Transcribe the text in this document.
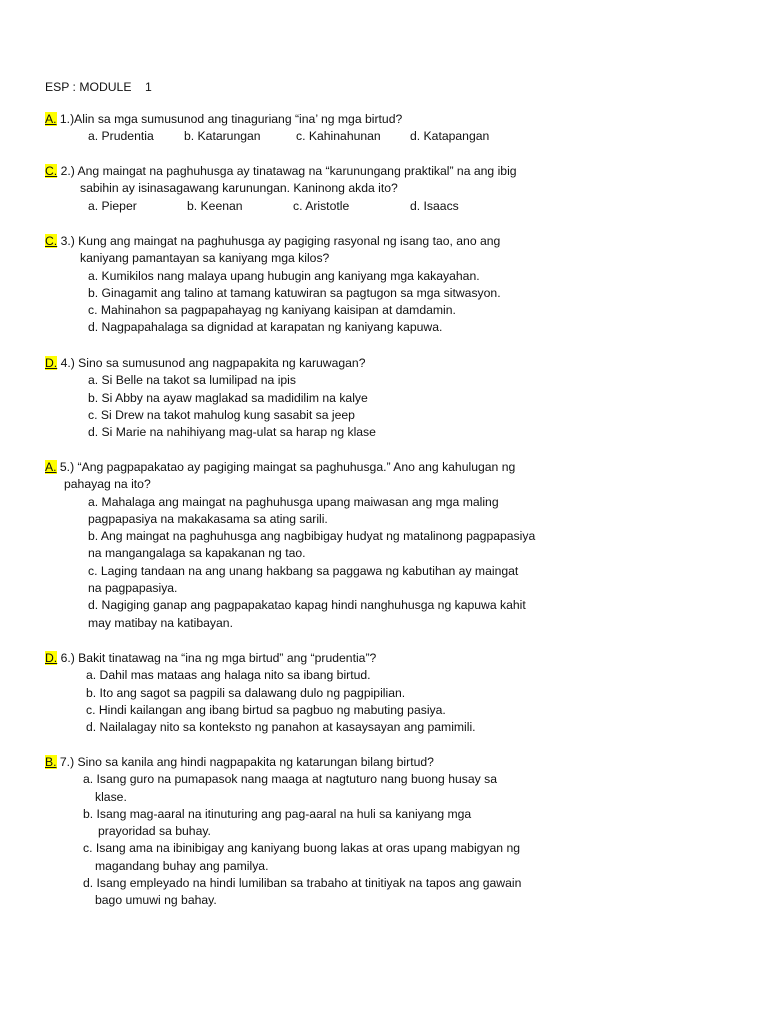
ESP : MODULE    1
A. 1.)Alin sa mga sumusunod ang tinaguriang “ina’ ng mga birtud?
a. Prudentia	b. Katarungan	c. Kahinahunan	d. Katapangan
C. 2.) Ang maingat na paghuhusga ay tinatawag na “karunungang praktikal” na ang ibig
sabihin ay isinasagawang karunungan. Kaninong akda ito?
a. Pieper	b. Keenan	c. Aristotle	d. Isaacs
C. 3.) Kung ang maingat na paghuhusga ay pagiging rasyonal ng isang tao, ano ang
kaniyang pamantayan sa kaniyang mga kilos?
a. Kumikilos nang malaya upang hubugin ang kaniyang mga kakayahan.
b. Ginagamit ang talino at tamang katuwiran sa pagtugon sa mga sitwasyon.
c. Mahinahon sa pagpapahayag ng kaniyang kaisipan at damdamin.
d. Nagpapahalaga sa dignidad at karapatan ng kaniyang kapuwa.
D. 4.) Sino sa sumusunod ang nagpapakita ng karuwagan?
a. Si Belle na takot sa lumilipad na ipis
b. Si Abby na ayaw maglakad sa madidilim na kalye
c. Si Drew na takot mahulog kung sasabit sa jeep
d. Si Marie na nahihiyang mag-ulat sa harap ng klase
A. 5.) “Ang pagpapakatao ay pagiging maingat sa paghuhusga.” Ano ang kahulugan ng
pahayag na ito?
a. Mahalaga ang maingat na paghuhusga upang maiwasan ang mga maling
pagpapasiya na makakasama sa ating sarili.
b. Ang maingat na paghuhusga ang nagbibigay hudyat ng matalinong pagpapasiya
na mangangalaga sa kapakanan ng tao.
c. Laging tandaan na ang unang hakbang sa paggawa ng kabutihan ay maingat
na pagpapasiya.
d. Nagiging ganap ang pagpapakatao kapag hindi nanghuhusga ng kapuwa kahit
may matibay na katibayan.
D. 6.) Bakit tinatawag na “ina ng mga birtud” ang “prudentia”?
a. Dahil mas mataas ang halaga nito sa ibang birtud.
b. Ito ang sagot sa pagpili sa dalawang dulo ng pagpipilian.
c. Hindi kailangan ang ibang birtud sa pagbuo ng mabuting pasiya.
d. Nailalagay nito sa konteksto ng panahon at kasaysayan ang pamimili.
B. 7.) Sino sa kanila ang hindi nagpapakita ng katarungan bilang birtud?
a. Isang guro na pumapasok nang maaga at nagtuturo nang buong husay sa
klase.
b. Isang mag-aaral na itinuturing ang pag-aaral na huli sa kaniyang mga
prayoridad sa buhay.
c. Isang ama na ibinibigay ang kaniyang buong lakas at oras upang mabigyan ng
magandang buhay ang pamilya.
d. Isang empleyado na hindi lumiliban sa trabaho at tinitiyak na tapos ang gawain
bago umuwi ng bahay.
